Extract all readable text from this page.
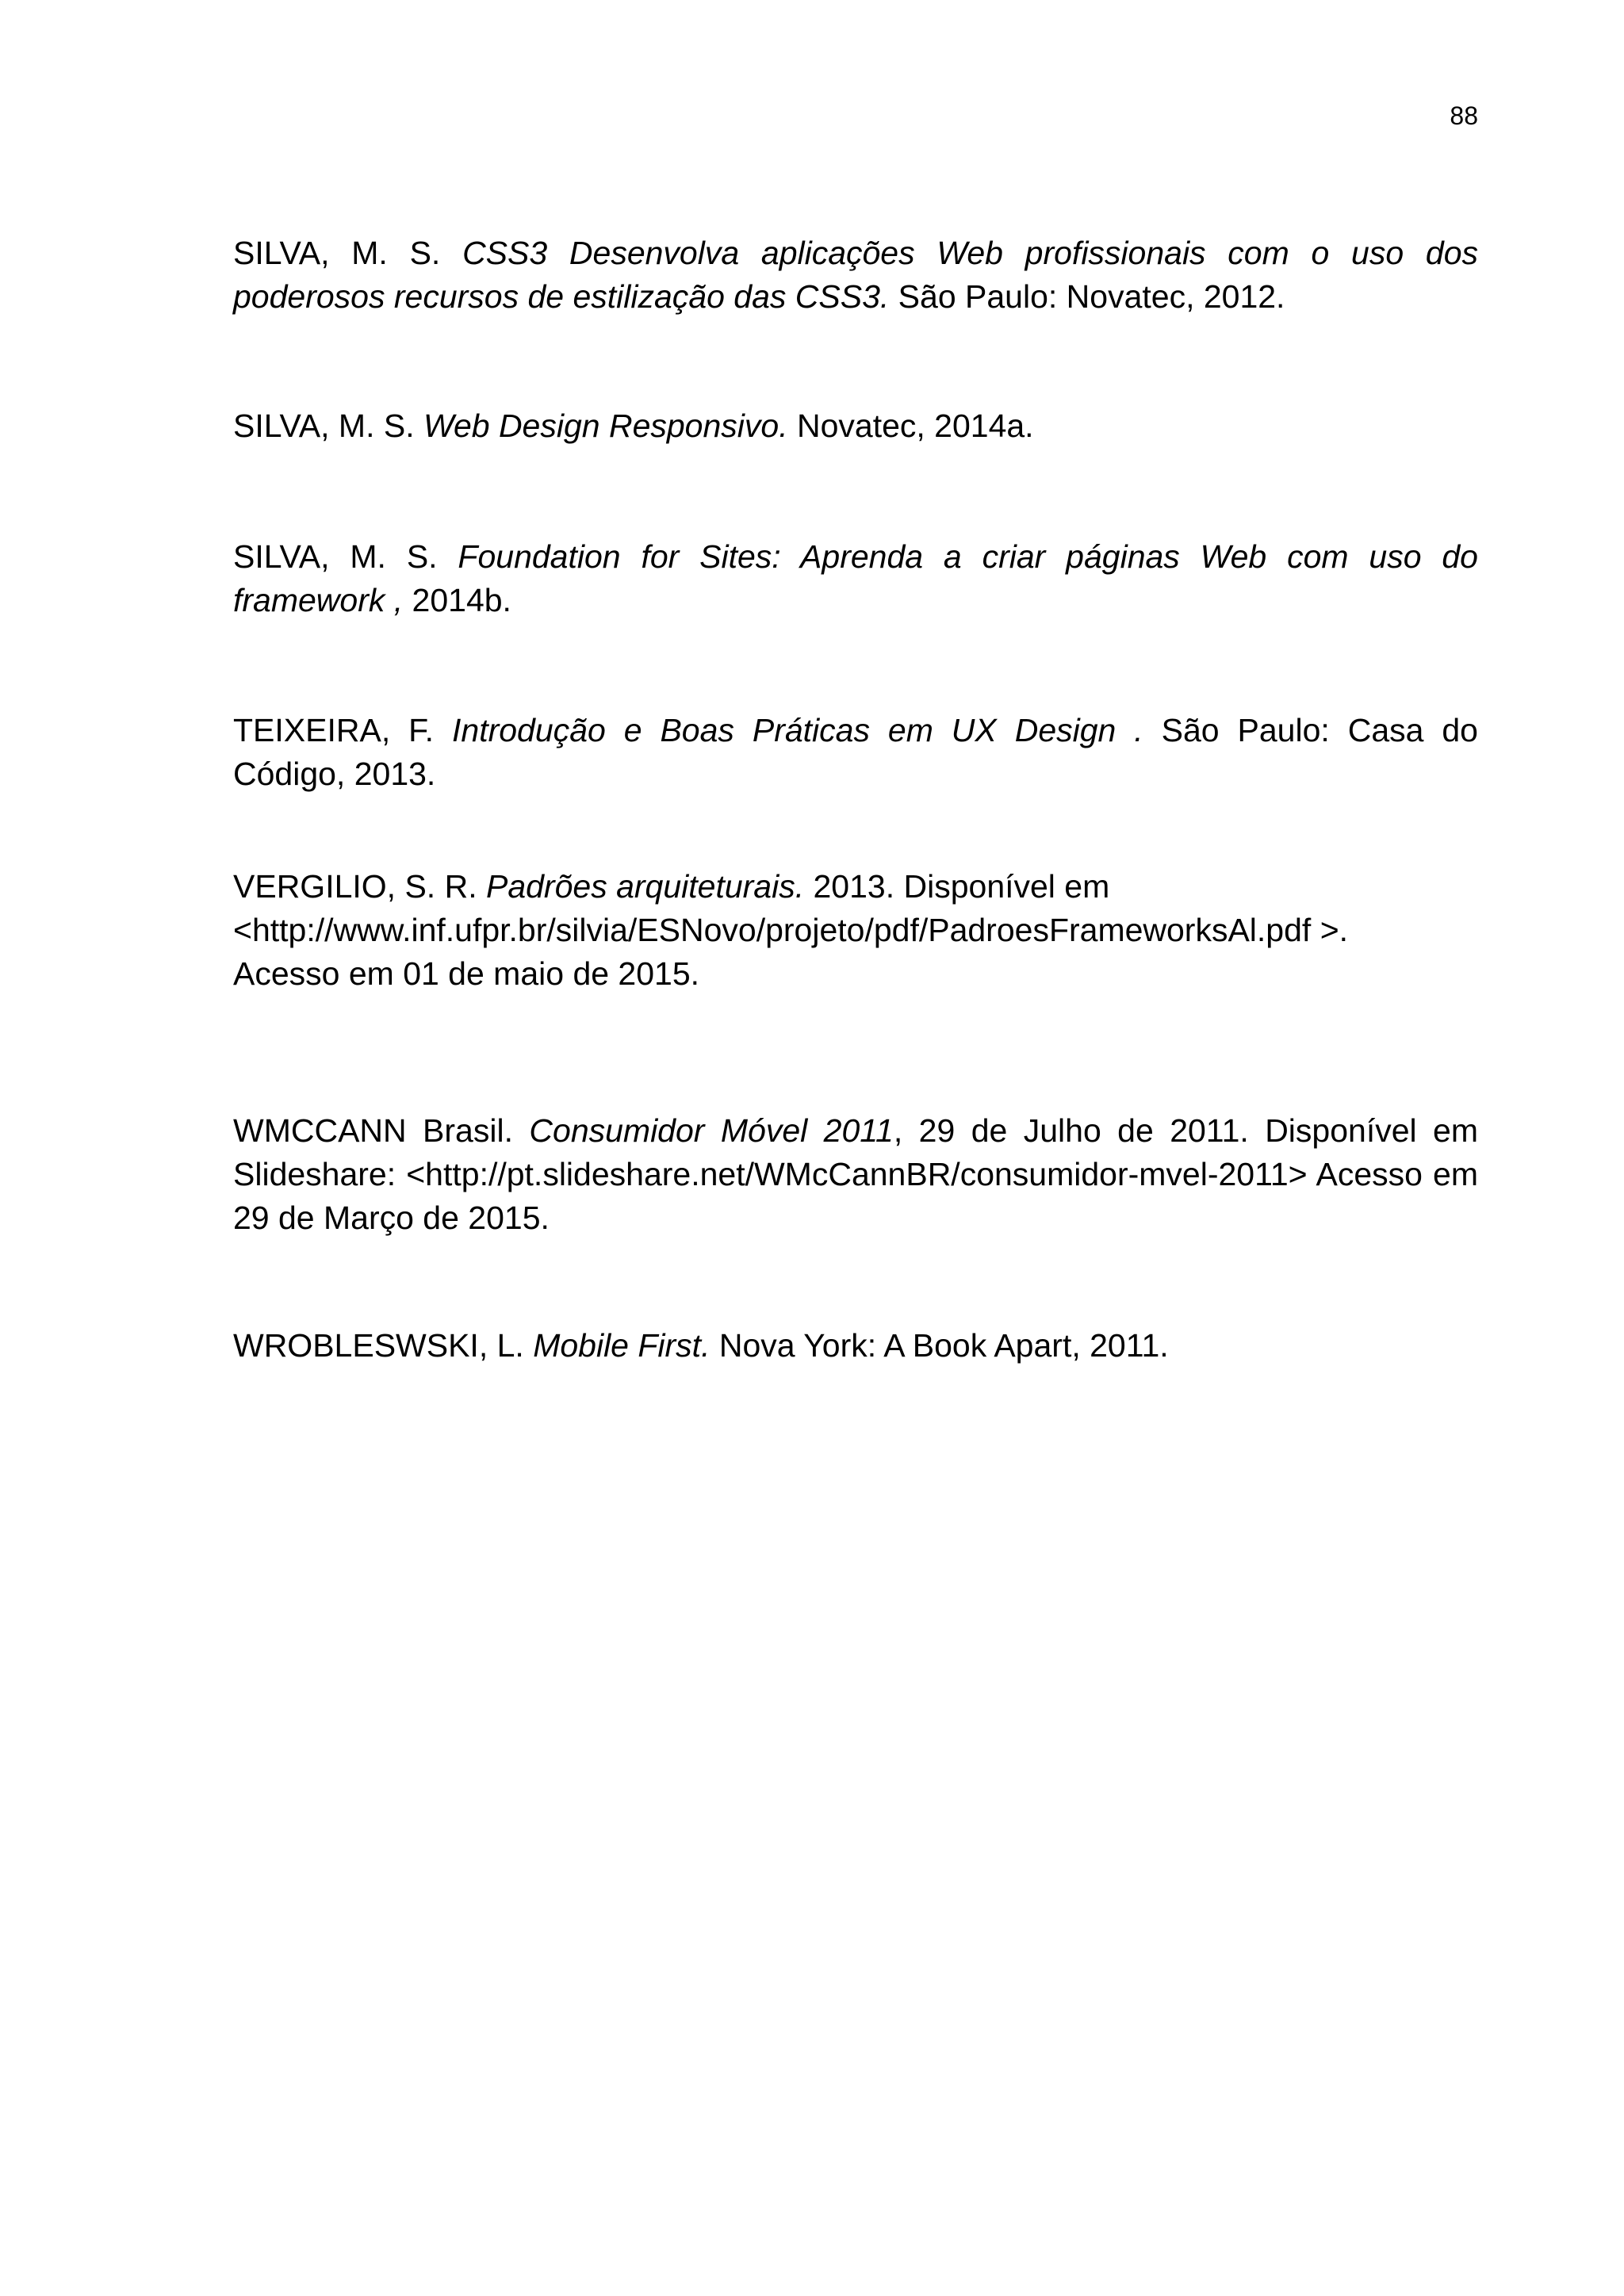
88

SILVA, M. S. CSS3 Desenvolva aplicações Web profissionais com o uso dos poderosos recursos de estilização das CSS3. São Paulo: Novatec, 2012.

SILVA, M. S. Web Design Responsivo. Novatec, 2014a.

SILVA, M. S. Foundation for Sites: Aprenda a criar páginas Web com uso do framework , 2014b.

TEIXEIRA, F. Introdução e Boas Práticas em UX Design . São Paulo: Casa do Código, 2013.

VERGILIO, S. R. Padrões arquiteturais. 2013. Disponível em
<http://www.inf.ufpr.br/silvia/ESNovo/projeto/pdf/PadroesFrameworksAl.pdf >.
Acesso em 01 de maio de 2015.

WMCCANN Brasil. Consumidor Móvel 2011, 29 de Julho de 2011. Disponível em Slideshare: <http://pt.slideshare.net/WMcCannBR/consumidor-mvel-2011> Acesso em 29 de Março de 2015.

WROBLESWSKI, L. Mobile First. Nova York: A Book Apart, 2011.
